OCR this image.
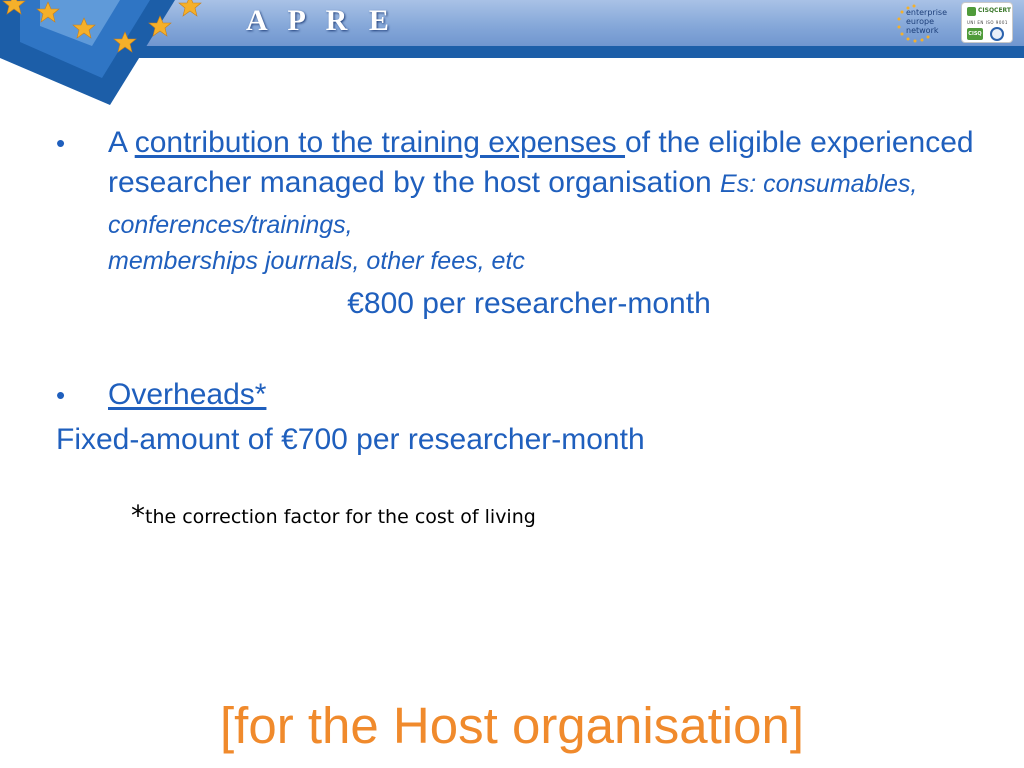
A P R E	enterprise
europe
network
CISQCERT
UNI EN ISO 9001
CISQ
• A contribution to the training expenses of the eligible experienced researcher managed by the host organisation Es: consumables, conferences/trainings,
memberships journals, other fees, etc
€800 per researcher-month
• Overheads*
Fixed-amount of €700 per researcher-month
*the correction factor for the cost of living
[for the Host organisation]
